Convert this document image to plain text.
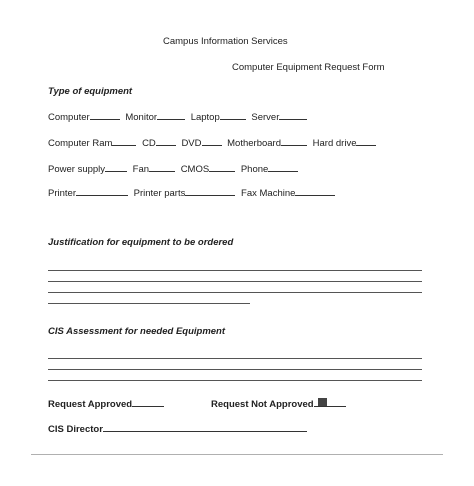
Campus Information Services
Computer Equipment Request Form
Type of equipment
Computer	Monitor	Laptop	Server
Computer Ram	CD	DVD	Motherboard	Hard drive
Power supply	Fan	CMOS	Phone
Printer	Printer parts	Fax Machine
Justification for equipment to be ordered
CIS Assessment for needed Equipment
Request Approved	Request Not Approved
CIS Director
